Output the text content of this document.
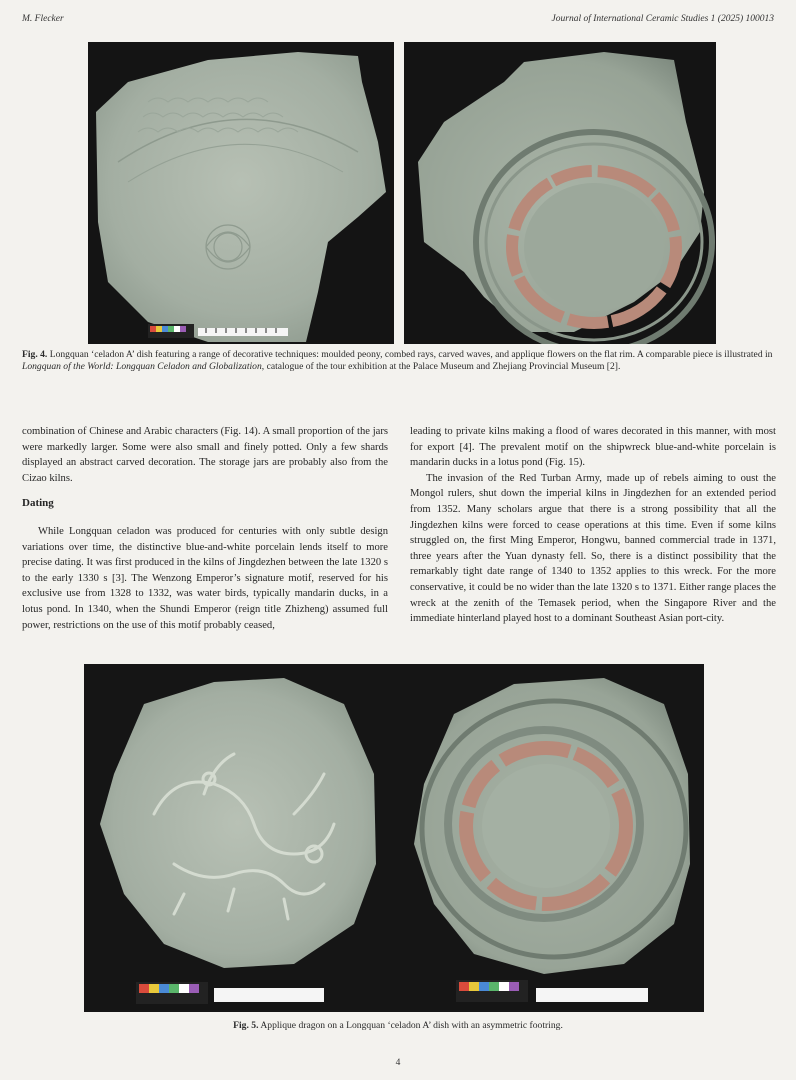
M. Flecker	Journal of International Ceramic Studies 1 (2025) 100013
Fig. 4. Longquan ‘celadon A’ dish featuring a range of decorative techniques: moulded peony, combed rays, carved waves, and applique flowers on the flat rim. A comparable piece is illustrated in Longquan of the World: Longquan Celadon and Globalization, catalogue of the tour exhibition at the Palace Museum and Zhejiang Provincial Museum [2].

combination of Chinese and Arabic characters (Fig. 14). A small proportion of the jars were markedly larger. Some were also small and finely potted. Only a few shards displayed an abstract carved decoration. The storage jars are probably also from the Cizao kilns.

Dating

While Longquan celadon was produced for centuries with only subtle design variations over time, the distinctive blue-and-white porcelain lends itself to more precise dating. It was first produced in the kilns of Jingdezhen between the late 1320 s to the early 1330 s [3]. The Wenzong Emperor’s signature motif, reserved for his exclusive use from 1328 to 1332, was water birds, typically mandarin ducks, in a lotus pond. In 1340, when the Shundi Emperor (reign title Zhizheng) assumed full power, restrictions on the use of this motif probably ceased,

leading to private kilns making a flood of wares decorated in this manner, with most for export [4]. The prevalent motif on the shipwreck blue-and-white porcelain is mandarin ducks in a lotus pond (Fig. 15).

The invasion of the Red Turban Army, made up of rebels aiming to oust the Mongol rulers, shut down the imperial kilns in Jingdezhen for an extended period from 1352. Many scholars argue that there is a strong possibility that all the Jingdezhen kilns were forced to cease operations at this time. Even if some kilns struggled on, the first Ming Emperor, Hongwu, banned commercial trade in 1371, three years after the Yuan dynasty fell. So, there is a distinct possibility that the remarkably tight date range of 1340 to 1352 applies to this wreck. For the more conservative, it could be no wider than the late 1320 s to 1371. Either range places the wreck at the zenith of the Temasek period, when the Singapore River and the immediate hinterland played host to a dominant Southeast Asian port-city.

Fig. 5. Applique dragon on a Longquan ‘celadon A’ dish with an asymmetric footring.
4
